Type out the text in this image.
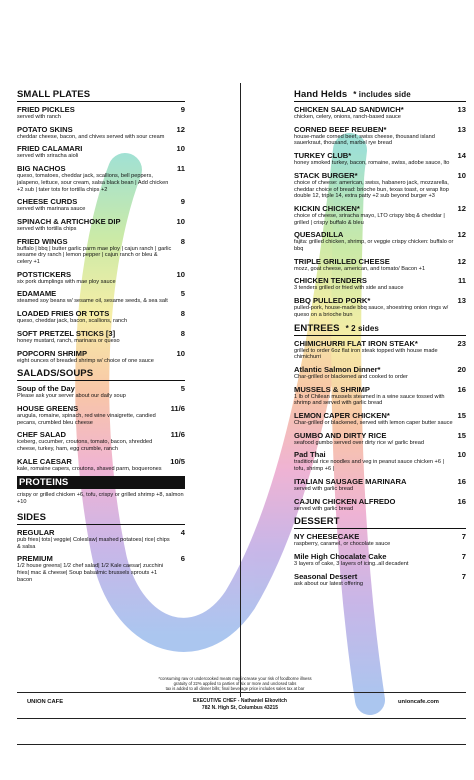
SMALL PLATES
FRIED PICKLES	9
served with ranch
POTATO SKINS	12
cheddar cheese, bacon, and chives served with sour cream
FRIED CALAMARI	10
served with sriracha aioli
BIG NACHOS	11
queso, tomatoes, cheddar jack, scallions, bell peppers, jalapeno, lettuce, sour cream, salsa black bean | Add chicken +2 sub | tater tots for tortilla chips +2
CHEESE CURDS	9
served with marinara sauce
SPINACH & ARTICHOKE DIP	10
served with tortilla chips
FRIED WINGS	8
buffalo | bbq | butter garlic parm mae ploy | cajun ranch | garlic sesame dry ranch | lemon pepper | cajun ranch or bleu & celery +1
POTSTICKERS	10
six pork dumplings with mae ploy sauce
EDAMAME	5
steamed soy beans w/ sesame oil, sesame seeds, & sea salt
LOADED FRIES OR TOTS	8
queso, cheddar jack, bacon, scallions, ranch
SOFT PRETZEL STICKS [3]	8
honey mustard, ranch, marinara or queso
POPCORN SHRIMP	10
eight ounces of breaded shrimp w/ choice of one sauce
SALADS/SOUPS
Soup of the Day	5
Please ask your server about our daily soup
HOUSE GREENS	11/6
arugula, romaine, spinach, red wine vinaigrette, candied pecans, crumbled bleu cheese
CHEF SALAD	11/6
iceberg, cucumber, croutons, tomato, bacon, shredded cheese, turkey, ham, egg crumble, ranch
KALE CAESAR	10/5
kale, romaine capers, croutons, shaved parm, boquerones
PROTEINS
crispy or grilled chicken +6, tofu, crispy or grilled shrimp +8, salmon +10
SIDES
REGULAR	4
pub fries| tots| veggie| Coleslaw| mashed potatoes| rice| chips & salsa
PREMIUM	6
1/2 house greens| 1/2 chef salad| 1/2 Kale caesar| zucchini fries| mac & cheese| Soup balsalmic brussels sprouts +1 bacon
Hand Helds * includes side
CHICKEN SALAD SANDWICH*	13
chicken, celery, onions, ranch-based sauce
CORNED BEEF REUBEN*	13
house-made corned beef, swiss cheese, thousand island sauerkraut, thousand, marbel rye bread
TURKEY CLUB*	14
honey smoked turkey, bacon, romaine, swiss, adobe sauce, lto
STACK BURGER*	10
choice of cheese: american, swiss, habanero jack, mozzarella, cheddar choice of bread: brioche bun, texas toast, or wrap ltop double 12, triple 14, extra patty +2 sub beyond burger +3
KICKIN CHICKEN*	12
choice of cheese, sriracha mayo, LTO crispy bbq & cheddar | grilled | crispy buffalo & bleu
QUESADILLA	12
fajita: grilled chicken, shrimp, or veggie crispy chicken: buffalo or bbq
TRIPLE GRILLED CHEESE	12
mozz, goat cheese, american, and tomato/ Bacon +1
CHICKEN TENDERS	11
3 tenders grilled or fried with side and sauce
BBQ PULLED PORK*	13
pulled-pork, house-made bbq sauce, shoestring onion rings w/ queso on a brioche bun
ENTREES * 2 sides
CHIMICHURRI FLAT IRON STEAK*	23
grilled to order 6oz flat iron steak topped with house made chimichurri
Atlantic Salmon Dinner*	20
Char-grilled or blackened and cooked to order
MUSSELS & SHRIMP	16
1 lb of Chilean mussels steamed in a wine sauce tossed with shrimp and served with garlic bread
LEMON CAPER CHICKEN*	15
Char-grilled or blackened, served with lemon caper butter sauce
GUMBO AND DIRTY RICE	15
seafood gumbo served over dirty rice w/ garlic bread
Pad Thai	10
traditional rice noodles and veg in peanut sauce chicken +6 | tofu, shrimp +6 |
ITALIAN SAUSAGE MARINARA	16
served with garlic bread
CAJUN CHICKEN ALFREDO	16
served with garlic bread
DESSERT
NY CHEESECAKE	7
raspberry, caramel, or chocolate sauce
Mile High Chocalate Cake	7
3 layers of cake, 3 layers of icing..all decadent
Seasonal Dessert	7
ask about our latest offering
*consuming raw or undercooked meats may increase your risk of foodborne illness
gratuity of 22% applied to parties of six or more and unclosed tabs
tax is added to all dinner bills; final beverage price includes sales tax at bar
UNION CAFE	EXECUTIVE CHEF - Nathaniel Elkovitch
782 N. High St, Columbus 43215
unioncafe.com
